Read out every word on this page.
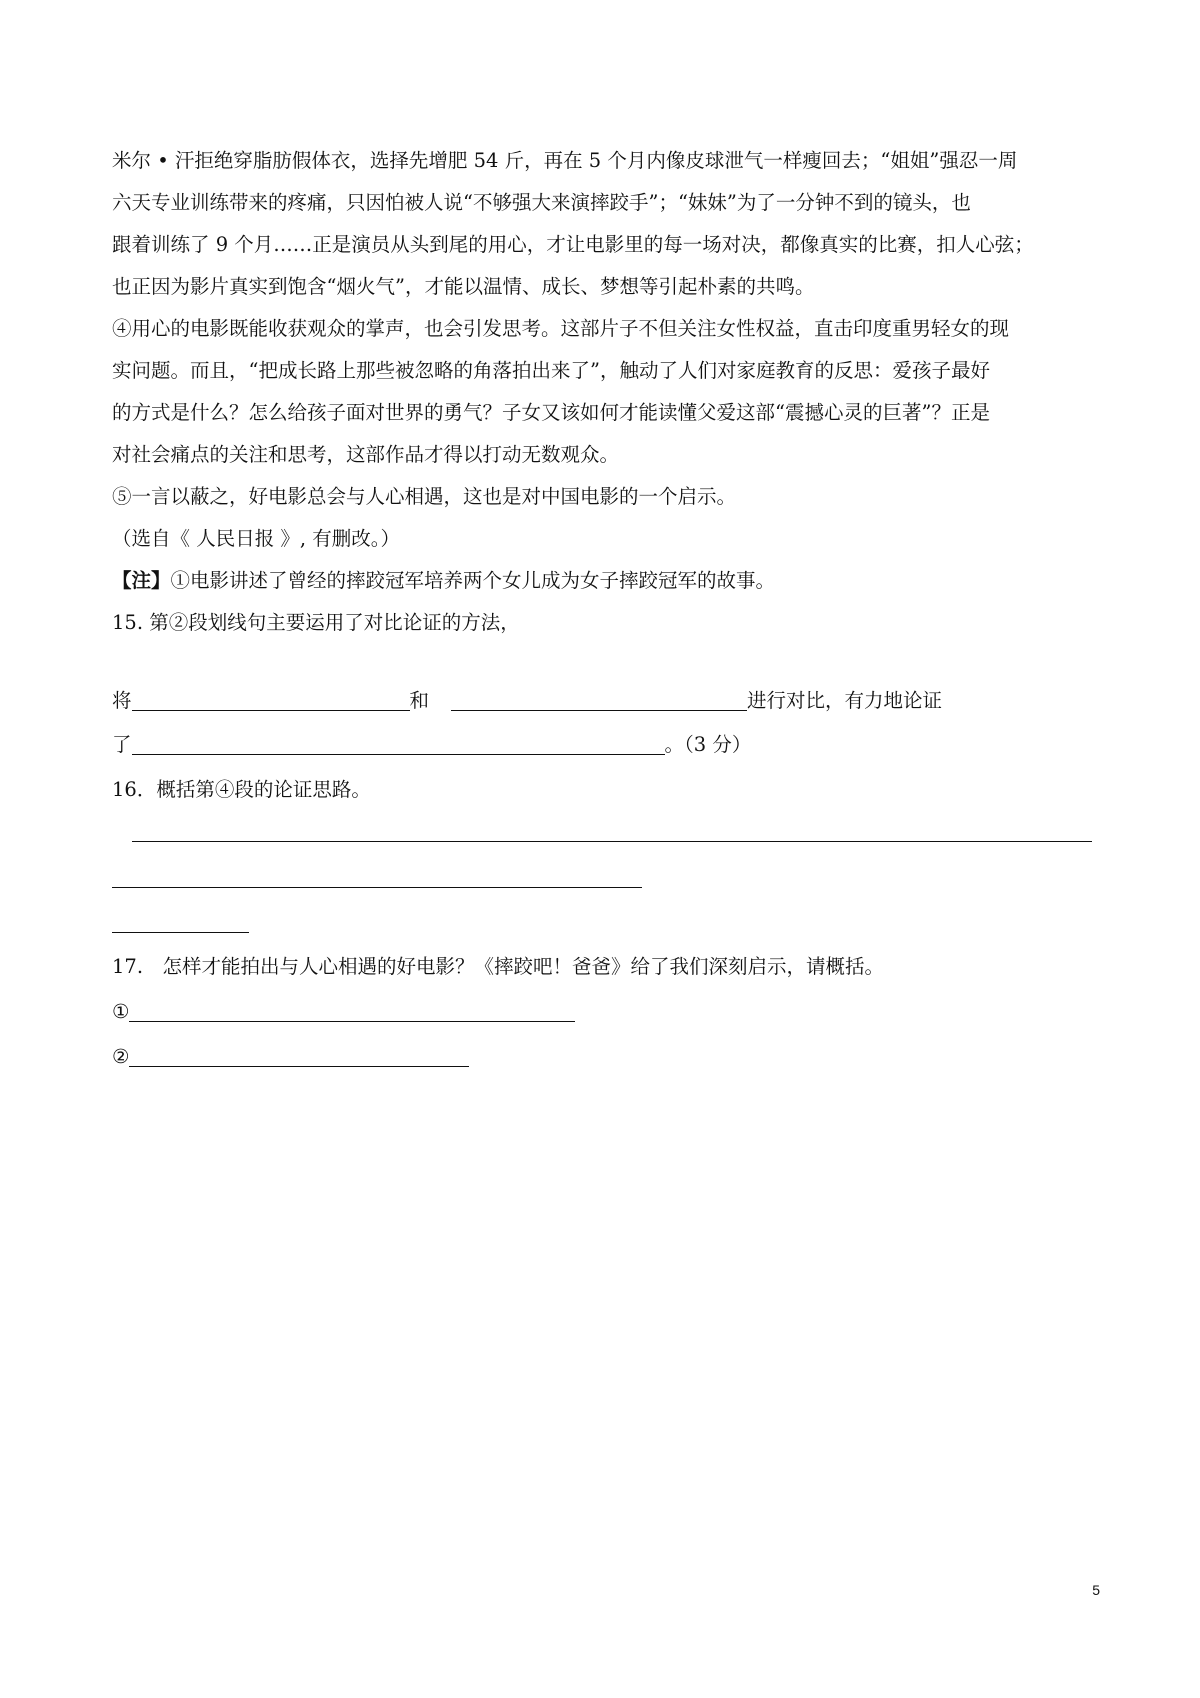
米尔 • 汗拒绝穿脂肪假体衣，选择先增肥 54 斤，再在 5 个月内像皮球泄气一样瘦回去；“姐姐”强忍一周
六天专业训练带来的疼痛，只因怕被人说“不够强大来演摔跤手”；“妹妹”为了一分钟不到的镜头，也
跟着训练了 9 个月……正是演员从头到尾的用心，才让电影里的每一场对决，都像真实的比赛，扣人心弦；
也正因为影片真实到饱含“烟火气”，才能以温情、成长、梦想等引起朴素的共鸣。
④用心的电影既能收获观众的掌声，也会引发思考。这部片子不但关注女性权益，直击印度重男轻女的现
实问题。而且，“把成长路上那些被忽略的角落拍出来了”，触动了人们对家庭教育的反思：爱孩子最好
的方式是什么？怎么给孩子面对世界的勇气？子女又该如何才能读懂父爱这部“震撼心灵的巨著”？正是
对社会痛点的关注和思考，这部作品才得以打动无数观众。
⑤一言以蔽之，好电影总会与人心相遇，这也是对中国电影的一个启示。
（选自《 人民日报 》, 有删改。）
【注】①电影讲述了曾经的摔跤冠军培养两个女儿成为女子摔跤冠军的故事。
15. 第②段划线句主要运用了对比论证的方法，
将	和	进行对比，有力地论证
了	。（3 分）
16．概括第④段的论证思路。
17.　怎样才能拍出与人心相遇的好电影？《摔跤吧！爸爸》给了我们深刻启示，请概括。
①
②
5
